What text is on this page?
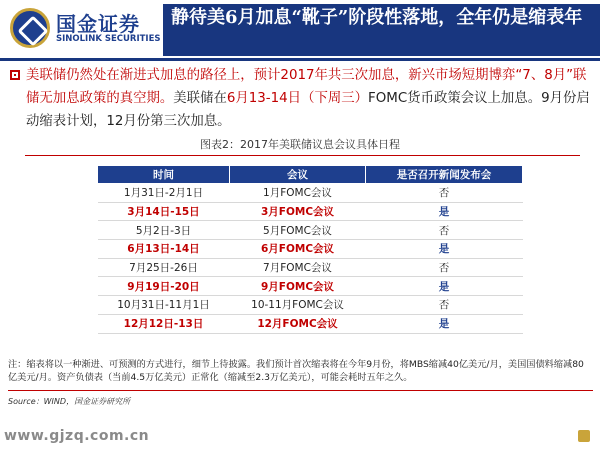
国金证券
SINOLINK SECURITIES
静待美6月加息“靴子”阶段性落地，全年仍是缩表年
美联储仍然处在渐进式加息的路径上，预计2017年共三次加息，新兴市场短期博弈“7、8月”联储无加息政策的真空期。美联储在6月13-14日（下周三）FOMC货币政策会议上加息。9月份启动缩表计划，12月份第三次加息。
图表2：2017年美联储议息会议具体日程
时间	会议	是否召开新闻发布会
1月31日-2月1日	1月FOMC会议	否
3月14日-15日	3月FOMC会议	是
5月2日-3日	5月FOMC会议	否
6月13日-14日	6月FOMC会议	是
7月25日-26日	7月FOMC会议	否
9月19日-20日	9月FOMC会议	是
10月31日-11月1日	10-11月FOMC会议	否
12月12日-13日	12月FOMC会议	是
注：缩表将以一种渐进、可预测的方式进行，细节上待披露。我们预计首次缩表将在今年9月份，将MBS缩减40亿美元/月，美国国债料缩减80亿美元/月。资产负债表（当前4.5万亿美元）正常化（缩减至2.3万亿美元），可能会耗时五年之久。
Source：WIND，国金证券研究所
www.gjzq.com.cn
